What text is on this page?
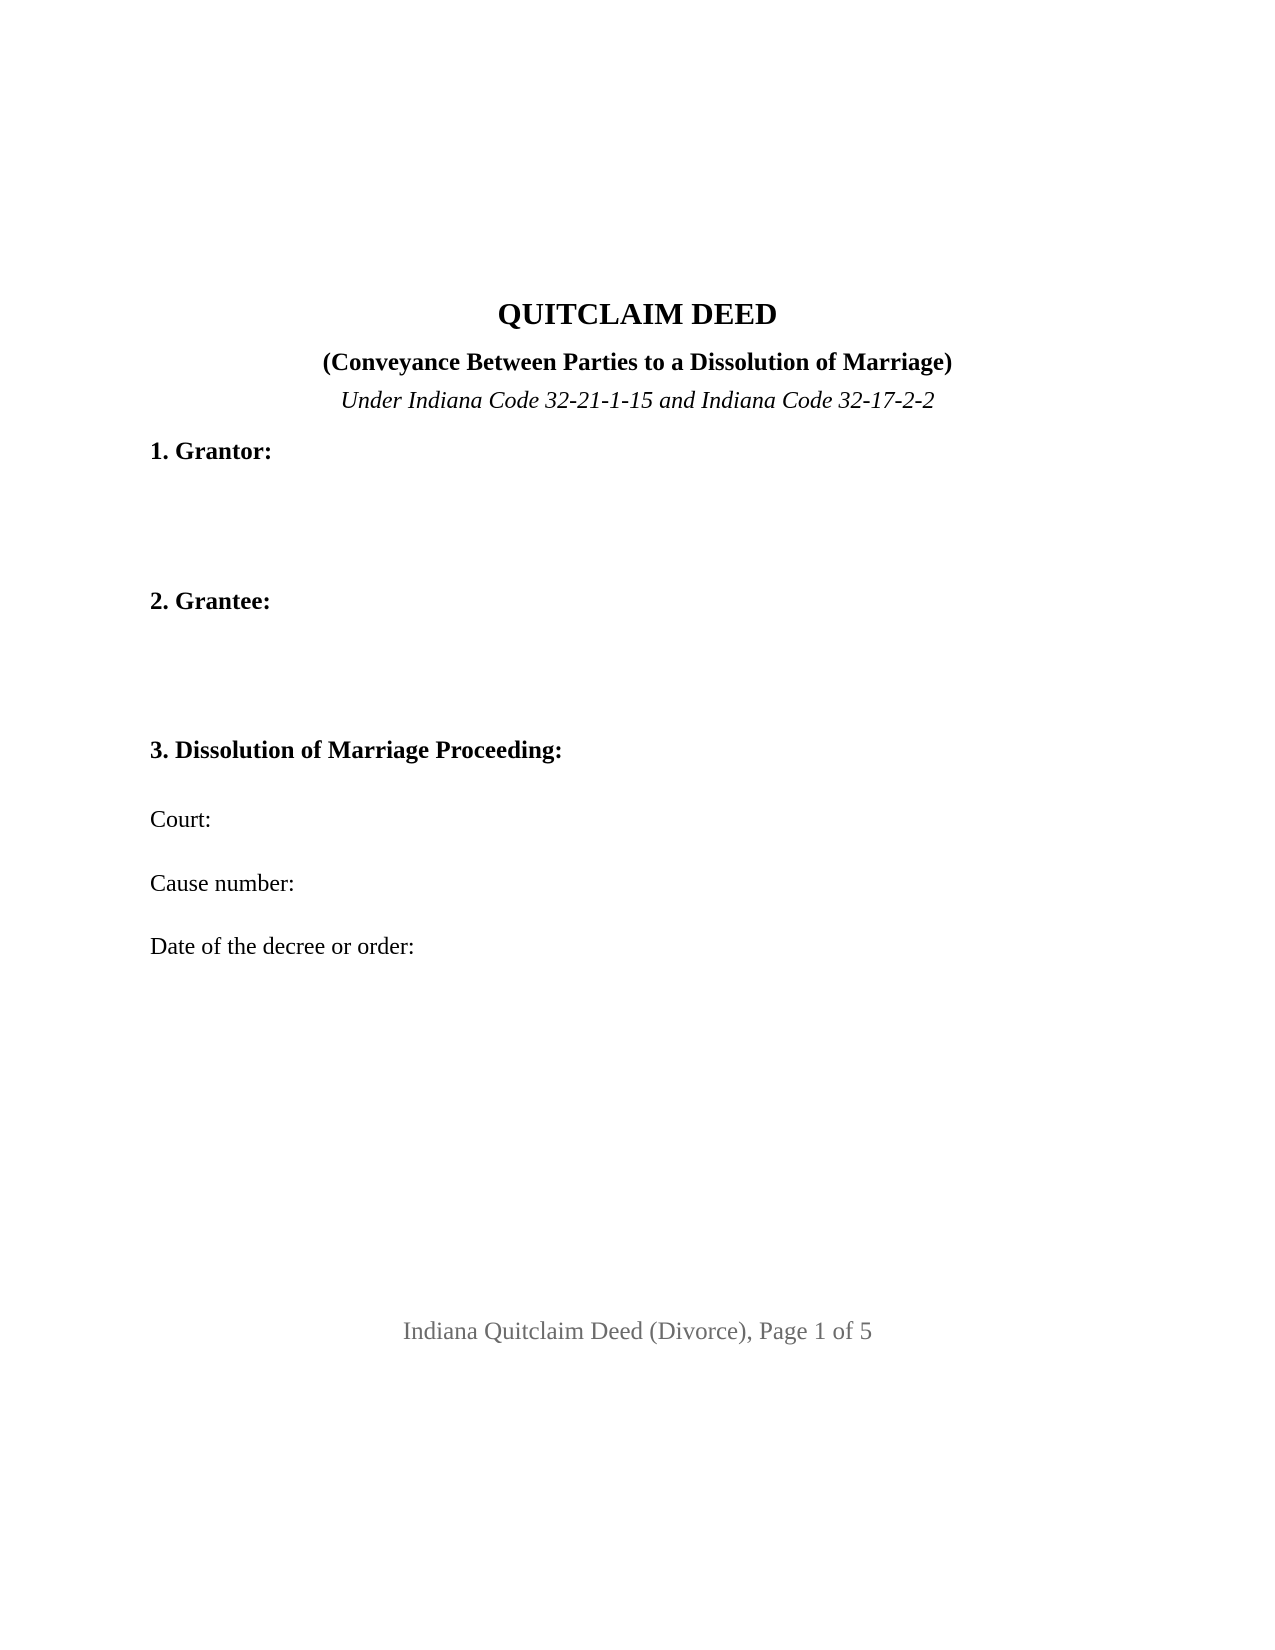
QUITCLAIM DEED
(Conveyance Between Parties to a Dissolution of Marriage)

Under Indiana Code 32-21-1-15 and Indiana Code 32-17-2-2

1. Grantor:
2. Grantee:
3. Dissolution of Marriage Proceeding:

Court:

Cause number:

Date of the decree or order:

Indiana Quitclaim Deed (Divorce), Page 1 of 5
